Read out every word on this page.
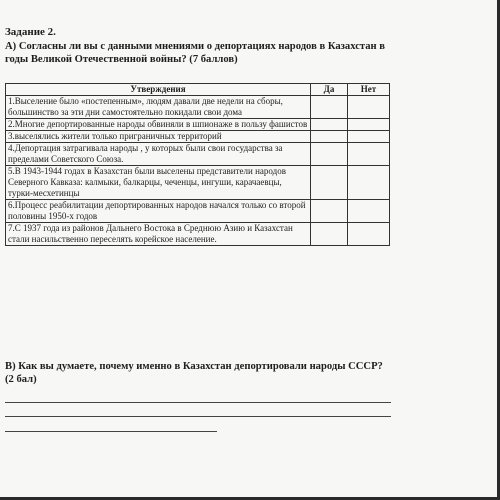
Задание 2.
А) Согласны ли вы с данными мнениями о депортациях народов в Казахстан в годы Великой Отечественной войны? (7 баллов)
Утверждения	Да	Нет
1.Выселение было «постепенным», людям давали две недели на сборы, большинство за эти дни самостоятельно покидали свои дома		
2.Многие депортированные народы обвиняли в шпионаже в пользу фашистов		
3.выселялись жители только приграничных территорий		
4.Депортация затрагивала народы , у которых были свои государства за пределами Советского Союза.		
5.В 1943-1944 годах в Казахстан были выселены представители народов Северного Кавказа: калмыки, балкарцы, чеченцы, ингуши, карачаевцы, турки-месхетинцы		
6.Процесс реабилитации депортированных народов начался только со второй половины 1950-х годов		
7.С 1937 года из районов Дальнего Востока в Среднюю Азию и Казахстан стали насильственно переселять корейское население.		
В) Как вы думаете, почему именно в Казахстан депортировали народы СССР? (2 бал)
